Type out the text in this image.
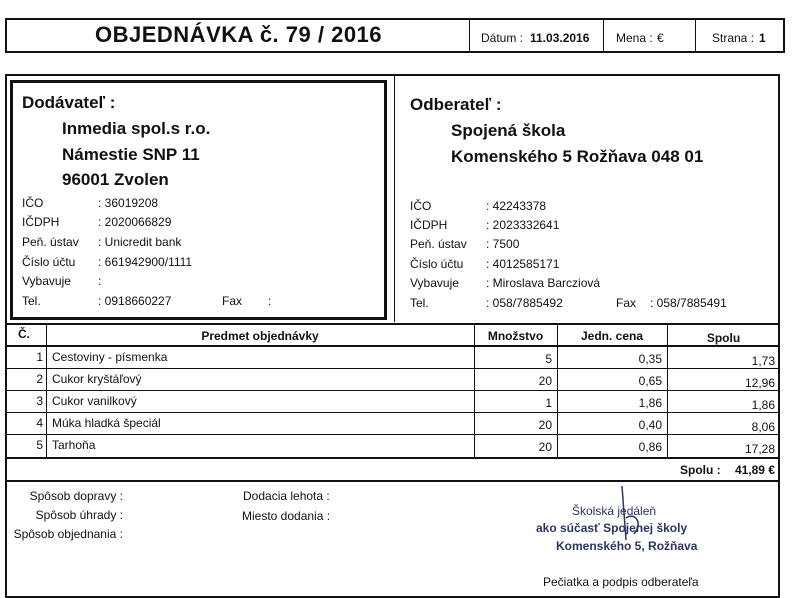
OBJEDNÁVKA č. 79 / 2016	Dátum : 11.03.2016 Mena : €	Strana : 1
Dodávateľ :
Inmedia spol.s r.o.
Námestie SNP 11
96001 Zvolen
IČO	: 36019208
IČDPH	: 2020066829
Peň. ústav : Unicredit bank
Číslo účtu : 661942900/1111
Vybavuje :
Tel.	: 0918660227	Fax :
Odberateľ :
Spojená škola
Komenského 5 Rožňava 048 01
IČO	: 42243378
IČDPH	: 2023332641
Peň. ústav : 7500
Číslo účtu : 4012585171
Vybavuje : Miroslava Barcziová
Tel.	: 058/7885492	Fax : 058/7885491
Č.	Predmet objednávky	Množstvo	Jedn. cena	Spolu
1 Cestoviny - písmenka	5	0,35	1,73
2 Cukor kryštáľový	20	0,65	12,96
3 Cukor vanilkový	1	1,86	1,86
4 Múka hladká špeciál	20	0,40	8,06
5 Tarhoňa	20	0,86	17,28
Spolu :	41,89 €
Spôsob dopravy :
Spôsob úhrady :
Spôsob objednania :
Dodacia lehota :
Miesto dodania :	Školská jedáleň
ako súčasť Spojenej školy
Komenského 5, Rožňava
Pečiatka a podpis odberateľa
